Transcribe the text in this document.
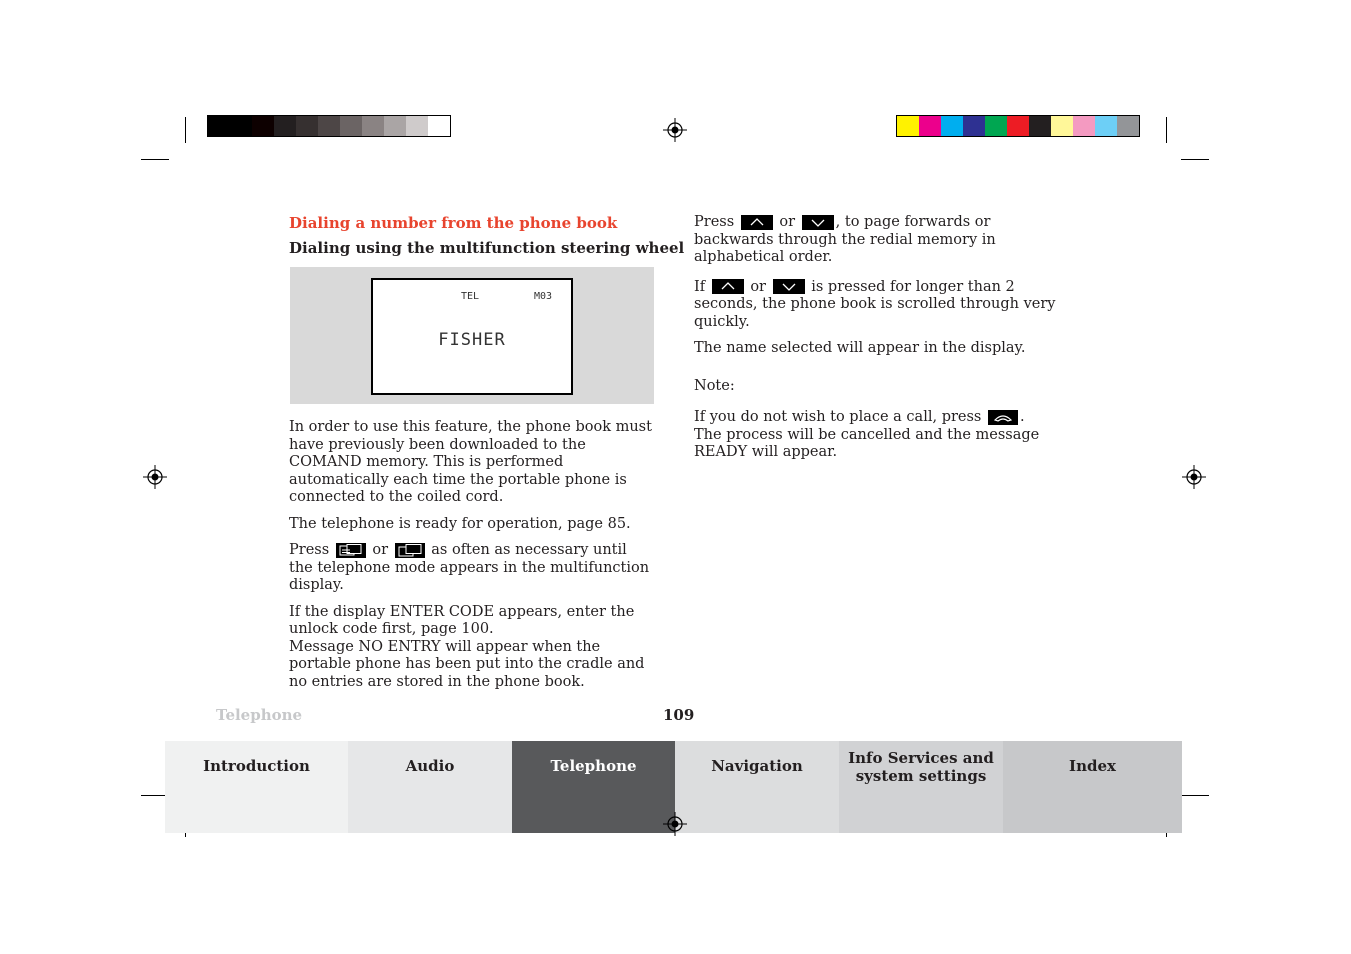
Dialing a number from the phone book
Dialing using the multifunction steering wheel
TEL	M03
FISHER

In order to use this feature, the phone book must have previously been downloaded to the COMAND memory. This is performed automatically each time the portable phone is connected to the coiled cord.

The telephone is ready for operation, page 85.

Press	or	as often as necessary until the telephone mode appears in the multifunction display.

If the display ENTER CODE appears, enter the unlock code first, page 100.

Message NO ENTRY will appear when the portable phone has been put into the cradle and no entries are stored in the phone book.

Press	or	, to page forwards or backwards through the redial memory in alphabetical order.

If	or	is pressed for longer than 2 seconds, the phone book is scrolled through very quickly.

The name selected will appear in the display.

Note:

If you do not wish to place a call, press	.

The process will be cancelled and the message READY will appear.

Telephone	109
Introduction	Audio	Telephone	Navigation	Info Services and system settings
Index
